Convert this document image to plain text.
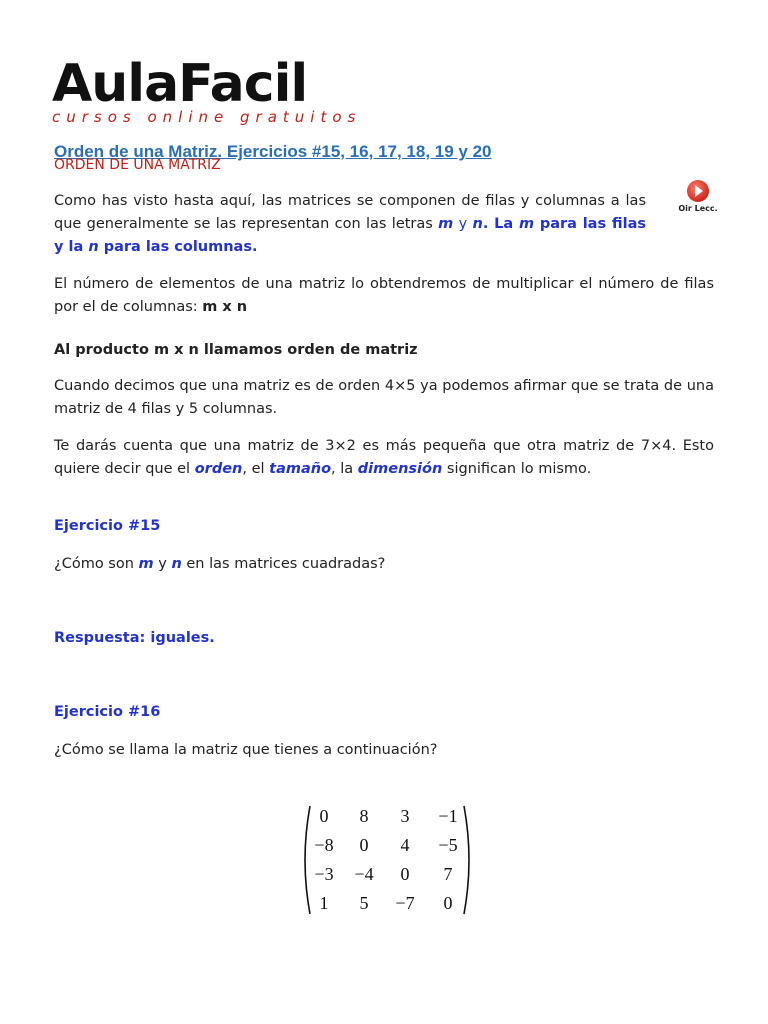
AulaFacil
cursos online gratuitos
Orden de una Matriz. Ejercicios #15, 16, 17, 18, 19 y 20
ORDEN DE UNA MATRIZ
Oir Lecc.
Como has visto hasta aquí, las matrices se componen de filas y columnas a las que generalmente se las representan con las letras m y n. La m para las filas y la n para las columnas.
El número de elementos de una matriz lo obtendremos de multiplicar el número de filas por el de columnas: m x n
Al producto m x n llamamos orden de matriz
Cuando decimos que una matriz es de orden 4×5 ya podemos afirmar que se trata de una matriz de 4 filas y 5 columnas.
Te darás cuenta que una matriz de 3×2 es más pequeña que otra matriz de 7×4. Esto quiere decir que el orden, el tamaño, la dimensión significan lo mismo.
Ejercicio #15
¿Cómo son m y n en las matrices cuadradas?
Respuesta: iguales.
Ejercicio #16
¿Cómo se llama la matriz que tienes a continuación?
0 8 3 −1
−8 0 4 −5
−3 −4 0 7
1 5 −7 0
